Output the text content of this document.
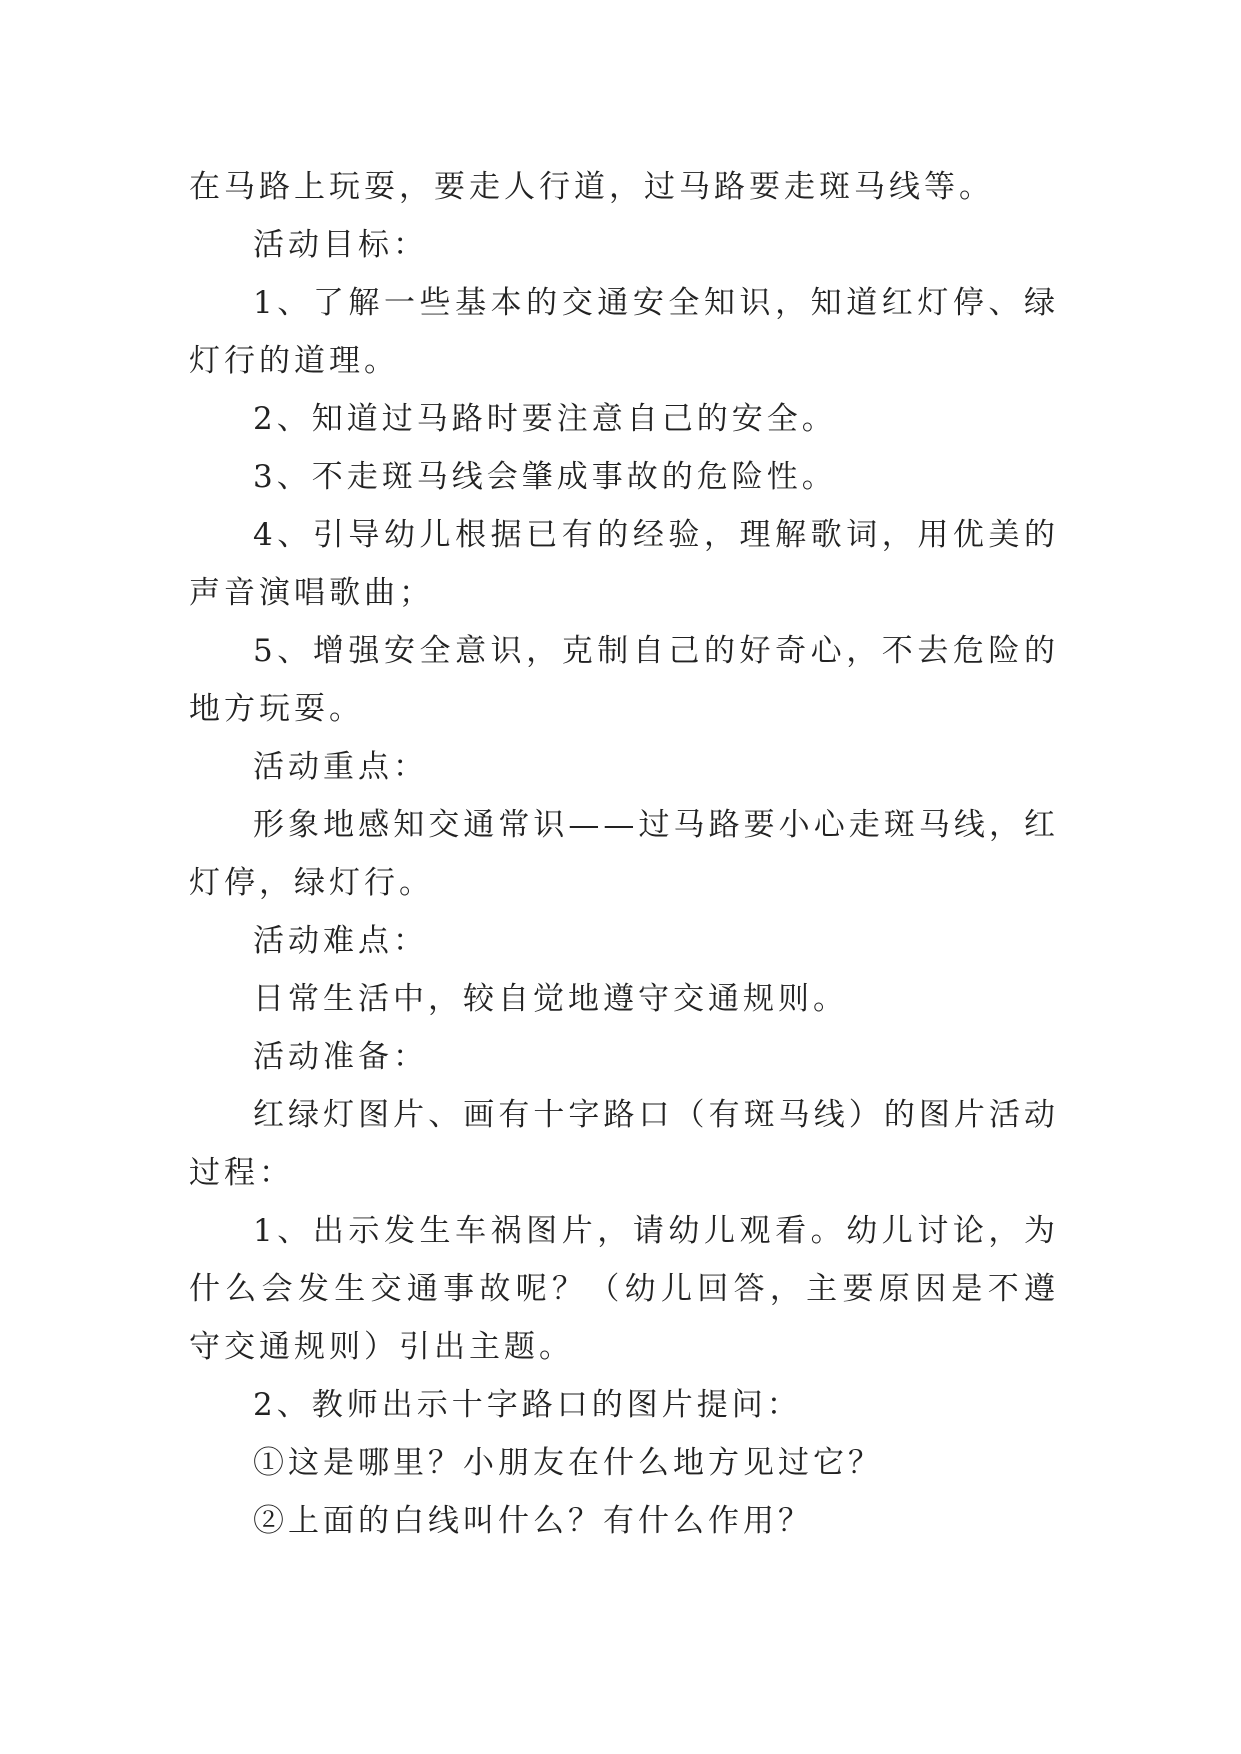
在马路上玩耍，要走人行道，过马路要走斑马线等。

活动目标：

1、了解一些基本的交通安全知识，知道红灯停、绿灯行的道理。

2、知道过马路时要注意自己的安全。

3、不走斑马线会肇成事故的危险性。

4、引导幼儿根据已有的经验，理解歌词，用优美的声音演唱歌曲；

5、增强安全意识，克制自己的好奇心，不去危险的地方玩耍。

活动重点：

形象地感知交通常识——过马路要小心走斑马线，红灯停，绿灯行。

活动难点：

日常生活中，较自觉地遵守交通规则。

活动准备：

红绿灯图片、画有十字路口（有斑马线）的图片活动过程：

1、出示发生车祸图片，请幼儿观看。幼儿讨论，为什么会发生交通事故呢？（幼儿回答，主要原因是不遵守交通规则）引出主题。

2、教师出示十字路口的图片提问：

①这是哪里？小朋友在什么地方见过它？

②上面的白线叫什么？有什么作用？
